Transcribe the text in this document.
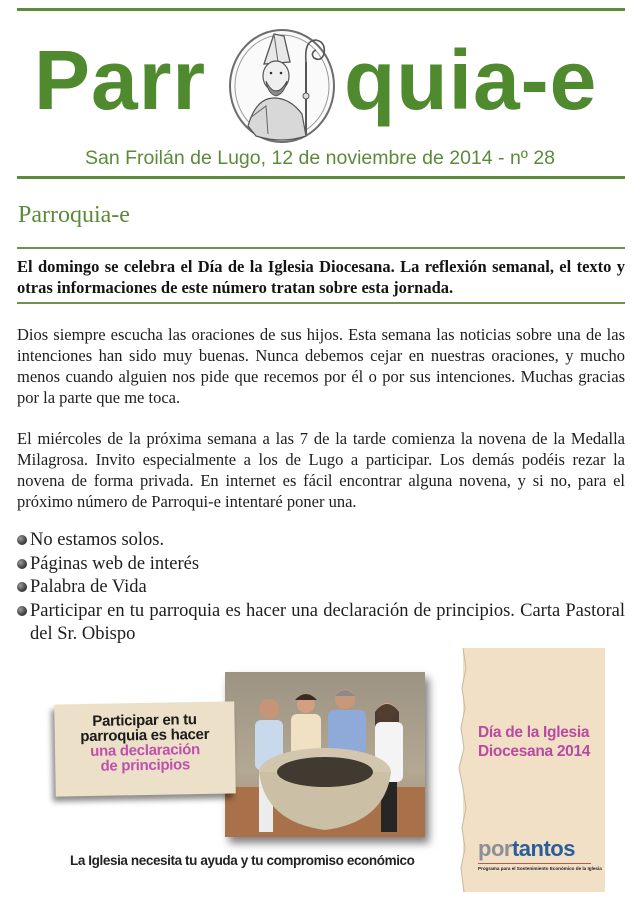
Parr quia-e
San Froilán de Lugo, 12 de noviembre de 2014 - nº 28
Parroquia-e
El domingo se celebra el Día de la Iglesia Diocesana. La reflexión semanal, el texto y otras informaciones de este número tratan sobre esta jornada.
Dios siempre escucha las oraciones de sus hijos. Esta semana las noticias sobre una de las intenciones han sido muy buenas. Nunca debemos cejar en nuestras oraciones, y mucho menos cuando alguien nos pide que recemos por él o por sus intenciones. Muchas gracias por la parte que me toca.
El miércoles de la próxima semana a las 7 de la tarde comienza la novena de la Medalla Milagrosa. Invito especialmente a los de Lugo a participar. Los demás podéis rezar la novena de forma privada. En internet es fácil encontrar alguna novena, y si no, para el próximo número de Parroqui-e intentaré poner una.
No estamos solos.
Páginas web de interés
Palabra de Vida
Participar en tu parroquia es hacer una declaración de principios. Carta Pastoral del Sr. Obispo
Participar en tu
parroquia es hacer
una declaración
de principios
La Iglesia necesita tu ayuda y tu compromiso económico
Día de la Iglesia
Diocesana 2014
portantos
Programa para el Sostenimiento Económico de la Iglesia
